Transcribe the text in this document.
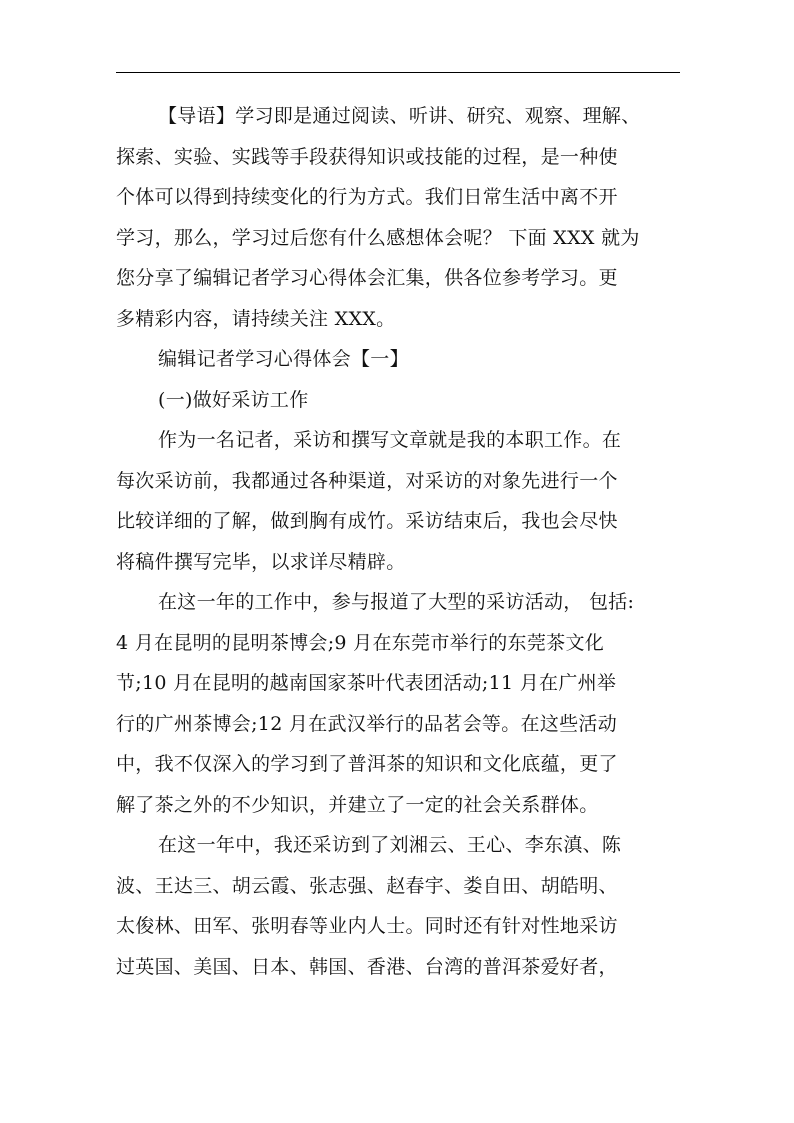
【导语】学习即是通过阅读、听讲、研究、观察、理解、
探索、实验、实践等手段获得知识或技能的过程，是一种使
个体可以得到持续变化的行为方式。我们日常生活中离不开
学习，那么，学习过后您有什么感想体会呢？ 下面 XXX 就为
您分享了编辑记者学习心得体会汇集，供各位参考学习。更
多精彩内容，请持续关注 XXX。
编辑记者学习心得体会【一】
(一)做好采访工作
作为一名记者，采访和撰写文章就是我的本职工作。在
每次采访前，我都通过各种渠道，对采访的对象先进行一个
比较详细的了解，做到胸有成竹。采访结束后，我也会尽快
将稿件撰写完毕，以求详尽精辟。
在这一年的工作中，参与报道了大型的采访活动， 包括:
4 月在昆明的昆明茶博会;9 月在东莞市举行的东莞茶文化
节;10 月在昆明的越南国家茶叶代表团活动;11 月在广州举
行的广州茶博会;12 月在武汉举行的品茗会等。在这些活动
中，我不仅深入的学习到了普洱茶的知识和文化底蕴，更了
解了茶之外的不少知识，并建立了一定的社会关系群体。
在这一年中，我还采访到了刘湘云、王心、李东滇、陈
波、王达三、胡云霞、张志强、赵春宇、娄自田、胡皓明、
太俊林、田军、张明春等业内人士。同时还有针对性地采访
过英国、美国、日本、韩国、香港、台湾的普洱茶爱好者，
